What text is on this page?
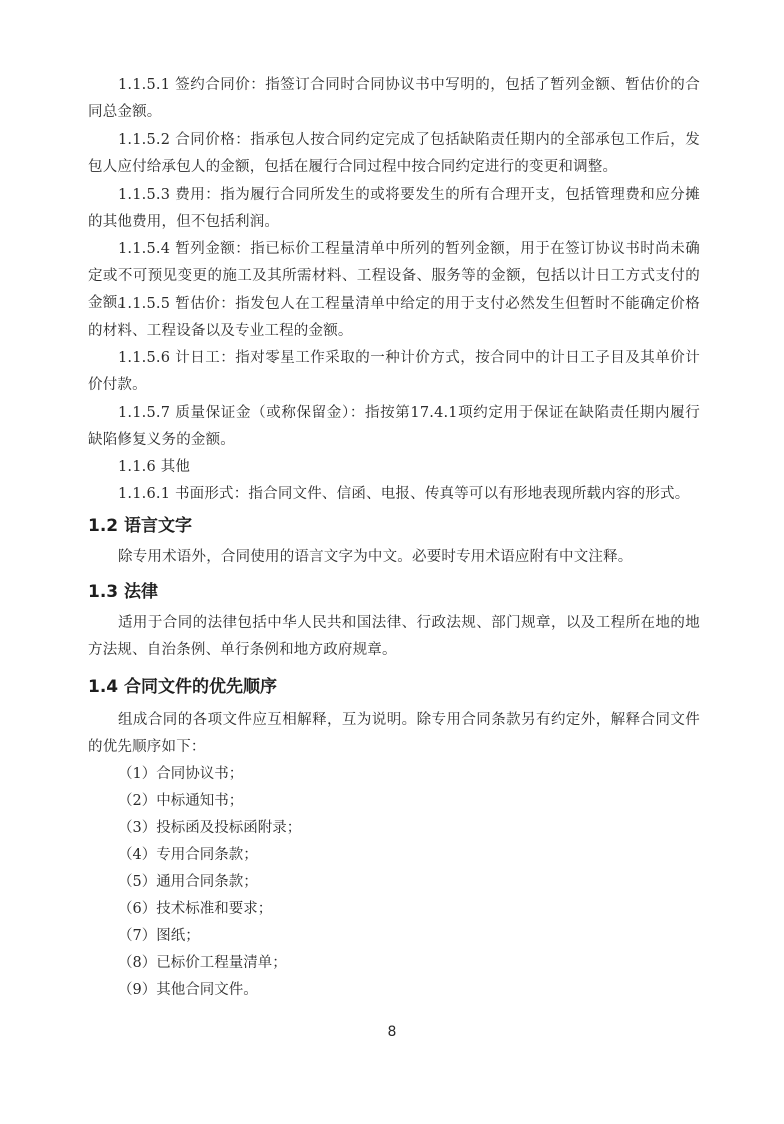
1.1.5.1 签约合同价：指签订合同时合同协议书中写明的，包括了暂列金额、暂估价的合同总金额。

1.1.5.2 合同价格：指承包人按合同约定完成了包括缺陷责任期内的全部承包工作后，发包人应付给承包人的金额，包括在履行合同过程中按合同约定进行的变更和调整。

1.1.5.3 费用：指为履行合同所发生的或将要发生的所有合理开支，包括管理费和应分摊的其他费用，但不包括利润。

1.1.5.4 暂列金额：指已标价工程量清单中所列的暂列金额，用于在签订协议书时尚未确定或不可预见变更的施工及其所需材料、工程设备、服务等的金额，包括以计日工方式支付的金额。

1.1.5.5 暂估价：指发包人在工程量清单中给定的用于支付必然发生但暂时不能确定价格的材料、工程设备以及专业工程的金额。

1.1.5.6 计日工：指对零星工作采取的一种计价方式，按合同中的计日工子目及其单价计价付款。

1.1.5.7 质量保证金（或称保留金）：指按第17.4.1项约定用于保证在缺陷责任期内履行缺陷修复义务的金额。

1.1.6 其他

1.1.6.1 书面形式：指合同文件、信函、电报、传真等可以有形地表现所载内容的形式。

1.2 语言文字

除专用术语外，合同使用的语言文字为中文。必要时专用术语应附有中文注释。

1.3 法律

适用于合同的法律包括中华人民共和国法律、行政法规、部门规章，以及工程所在地的地方法规、自治条例、单行条例和地方政府规章。

1.4 合同文件的优先顺序

组成合同的各项文件应互相解释，互为说明。除专用合同条款另有约定外，解释合同文件的优先顺序如下：

（1）合同协议书；

（2）中标通知书；

（3）投标函及投标函附录；

（4）专用合同条款；

（5）通用合同条款；

（6）技术标准和要求；

（7）图纸；

（8）已标价工程量清单；

（9）其他合同文件。

8
